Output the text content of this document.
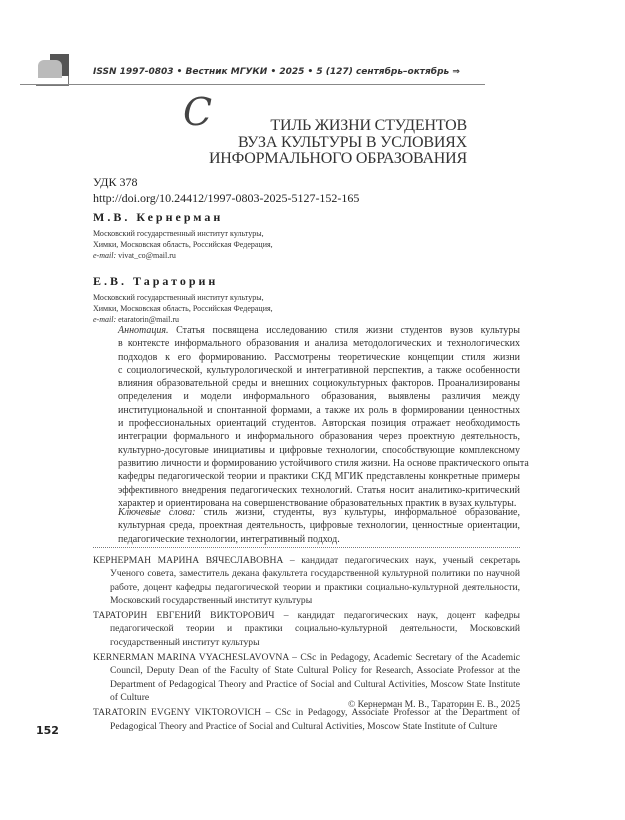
ISSN 1997-0803 • Вестник МГУКИ • 2025 • 5 (127) сентябрь–октябрь ⇒
С	ТИЛЬ ЖИЗНИ СТУДЕНТОВ
ВУЗА КУЛЬТУРЫ В УСЛОВИЯХ
ИНФОРМАЛЬНОГО ОБРАЗОВАНИЯ
УДК 378
http://doi.org/10.24412/1997-0803-2025-5127-152-165
М.В. Кернерман
Московский государственный институт культуры,
Химки, Московская область, Российская Федерация,
e-mail: vivat_co@mail.ru
Е.В. Тараторин
Московский государственный институт культуры,
Химки, Московская область, Российская Федерация,
e-mail: etaratorin@mail.ru
Аннотация. Статья посвящена исследованию стиля жизни студентов вузов культуры
в контексте информального образования и анализа методологических и технологических
подходов к его формированию. Рассмотрены теоретические концепции стиля жизни
с социологической, культурологической и интегративной перспектив, а также особенности
влияния образовательной среды и внешних социокультурных факторов. Проанализированы
определения и модели информального образования, выявлены различия между
институциональной и спонтанной формами, а также их роль в формировании ценностных
и профессиональных ориентаций студентов. Авторская позиция отражает необходимость
интеграции формального и информального образования через проектную деятельность,
культурно-досуговые инициативы и цифровые технологии, способствующие комплексному
развитию личности и формированию устойчивого стиля жизни. На основе практического опыта
кафедры педагогической теории и практики СКД МГИК представлены конкретные примеры
эффективного внедрения педагогических технологий. Статья носит аналитико-критический
характер и ориентирована на совершенствование образовательных практик в вузах культуры.
Ключевые слова: стиль жизни, студенты, вуз культуры, информальное образование, культурная среда, проектная деятельность, цифровые технологии, ценностные ориентации, педагогические технологии, интегративный подход.
КЕРНЕРМАН МАРИНА ВЯЧЕСЛАВОВНА – кандидат педагогических наук, ученый секретарь Ученого совета, заместитель декана факультета государственной культурной политики по научной работе, доцент кафедры педагогической теории и практики социально-культурной деятельности, Московский государственный институт культуры
ТАРАТОРИН ЕВГЕНИЙ ВИКТОРОВИЧ – кандидат педагогических наук, доцент кафедры педагогической теории и практики социально-культурной деятельности, Московский государственный институт культуры
KERNERMAN MARINA VYACHESLAVOVNA – CSc in Pedagogy, Academic Secretary of the Academic Council, Deputy Dean of the Faculty of State Cultural Policy for Research, Associate Professor at the Department of Pedagogical Theory and Practice of Social and Cultural Activities, Moscow State Institute of Culture
TARATORIN EVGENY VIKTOROVICH – CSc in Pedagogy, Associate Professor at the Department of Pedagogical Theory and Practice of Social and Cultural Activities, Moscow State Institute of Culture
© Кернерман М. В., Тараторин Е. В., 2025
152
